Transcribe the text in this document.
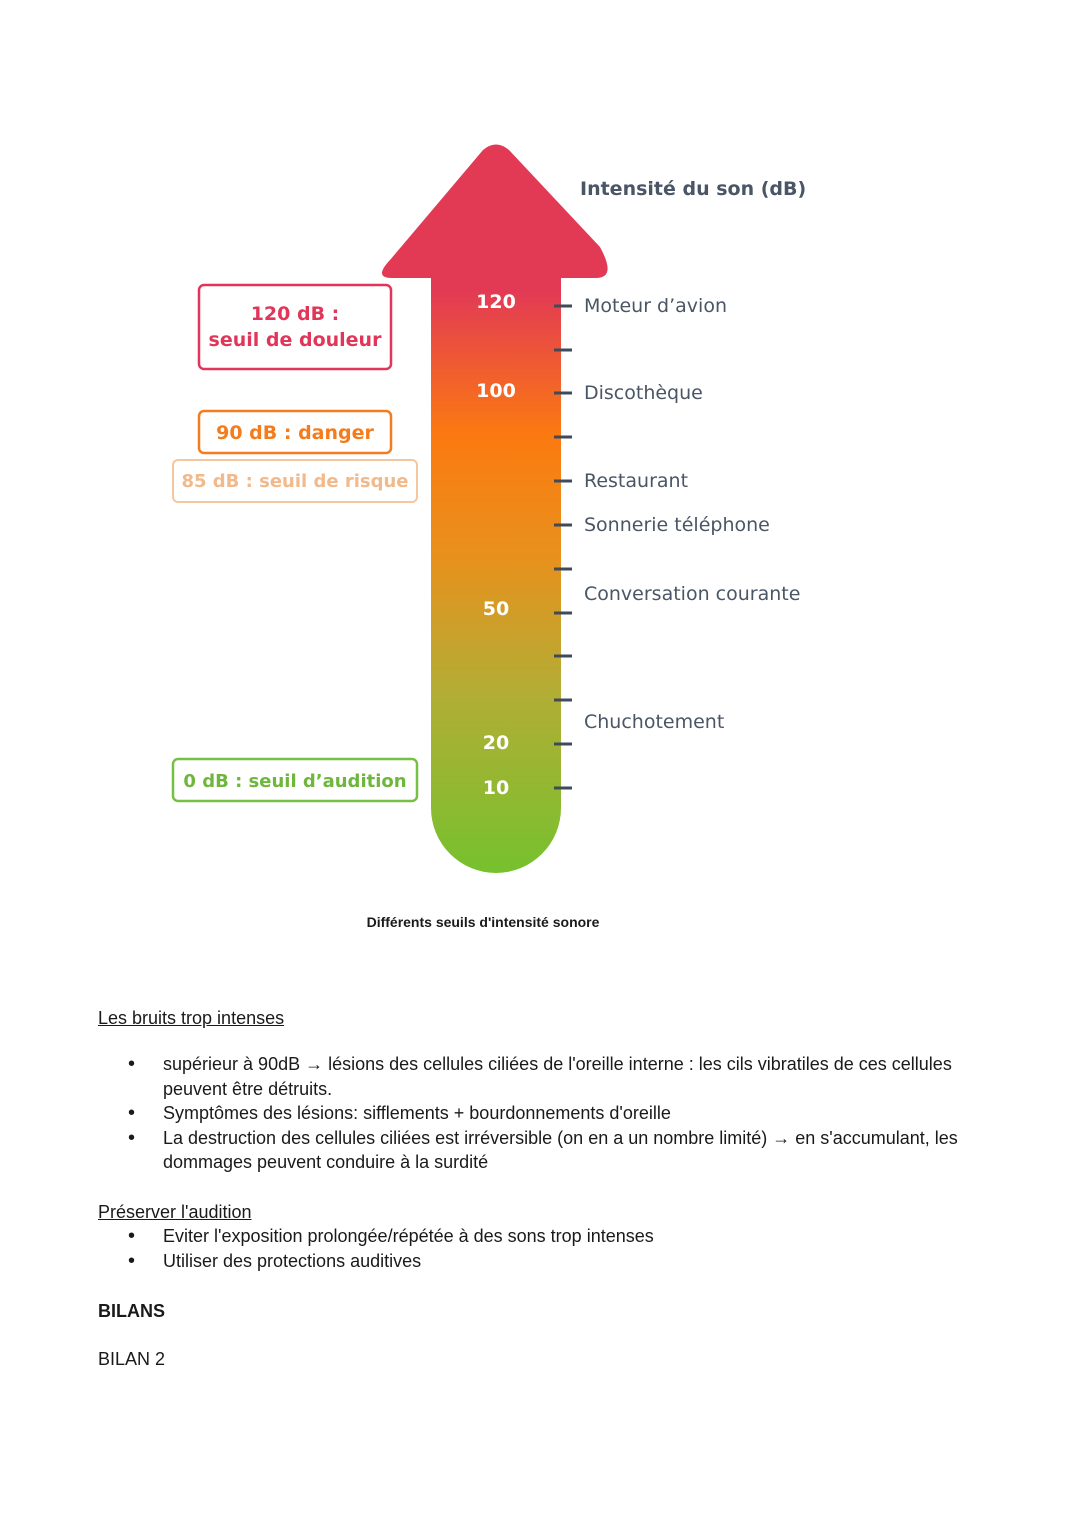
Intensité du son (dB)
120
100
50
20
10
Moteur d’avion
Discothèque
Restaurant
Sonnerie téléphone
Conversation courante
Chuchotement
120 dB :
seuil de douleur
90 dB : danger
85 dB : seuil de risque
0 dB : seuil d’audition
Différents seuils d'intensité sonore
Les bruits trop intenses
• supérieur à 90dB → lésions des cellules ciliées de l'oreille interne : les cils vibratiles de ces cellules peuvent être détruits.
• Symptômes des lésions: sifflements + bourdonnements d'oreille
• La destruction des cellules ciliées est irréversible (on en a un nombre limité) → en s'accumulant, les dommages peuvent conduire à la surdité
Préserver l'audition
• Eviter l'exposition prolongée/répétée à des sons trop intenses
• Utiliser des protections auditives
BILANS
BILAN 2
